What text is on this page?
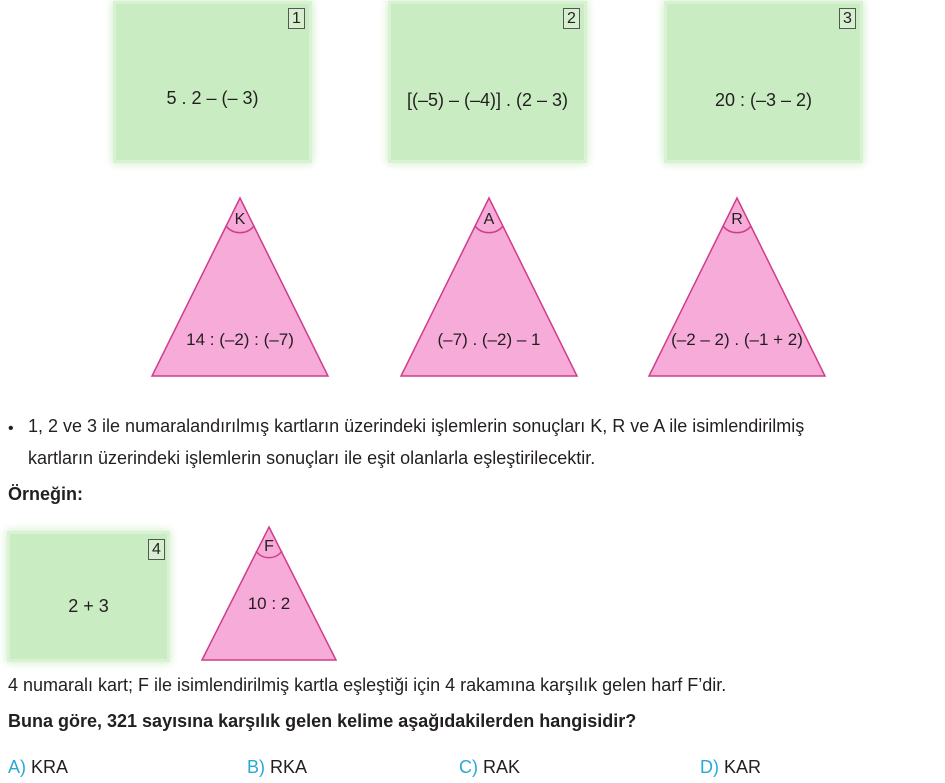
1
5 . 2 – (– 3)
2
[(–5) – (–4)] . (2 – 3)
3
20 : (–3 – 2)
K
14 : (–2) : (–7)
A
(–7) . (–2) – 1
R
(–2 – 2) . (–1 + 2)
• 1, 2 ve 3 ile numaralandırılmış kartların üzerindeki işlemlerin sonuçları K, R ve A ile isimlendirilmiş
kartların üzerindeki işlemlerin sonuçları ile eşit olanlarla eşleştirilecektir.
Örneğin:
4
2 + 3
F
10 : 2
4 numaralı kart; F ile isimlendirilmiş kartla eşleştiği için 4 rakamına karşılık gelen harf F’dir.
Buna göre, 321 sayısına karşılık gelen kelime aşağıdakilerden hangisidir?
A) KRA	B) RKA	C) RAK	D) KAR
